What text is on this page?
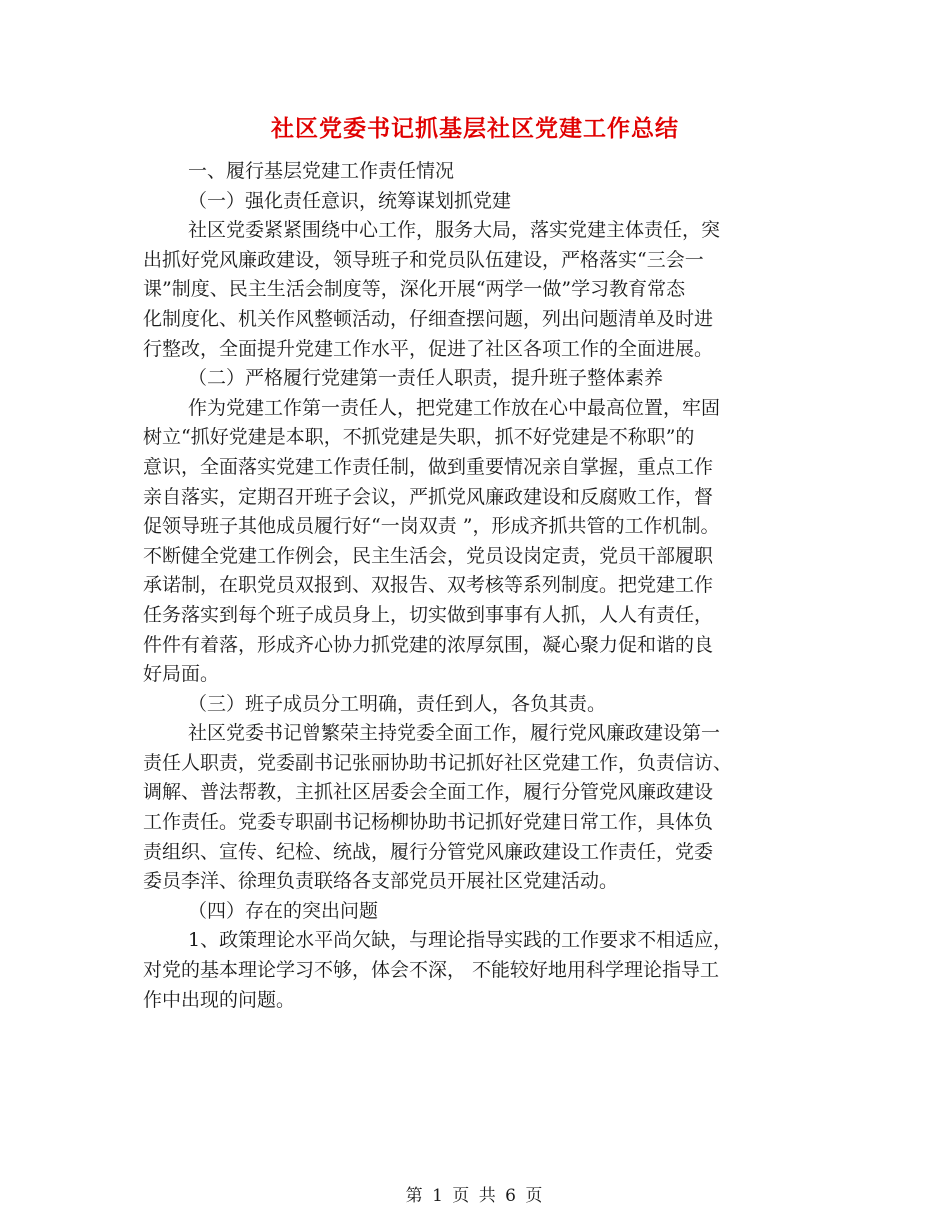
社区党委书记抓基层社区党建工作总结
一、履行基层党建工作责任情况
（一）强化责任意识，统筹谋划抓党建
社区党委紧紧围绕中心工作，服务大局，落实党建主体责任，突
出抓好党风廉政建设，领导班子和党员队伍建设，严格落实“三会一
课”制度、民主生活会制度等，深化开展“两学一做”学习教育常态
化制度化、机关作风整顿活动，仔细查摆问题，列出问题清单及时进
行整改，全面提升党建工作水平，促进了社区各项工作的全面进展。
（二）严格履行党建第一责任人职责，提升班子整体素养
作为党建工作第一责任人，把党建工作放在心中最高位置，牢固
树立“抓好党建是本职，不抓党建是失职，抓不好党建是不称职”的
意识，全面落实党建工作责任制，做到重要情况亲自掌握，重点工作
亲自落实，定期召开班子会议，严抓党风廉政建设和反腐败工作，督
促领导班子其他成员履行好“一岗双责 ”，形成齐抓共管的工作机制。
不断健全党建工作例会，民主生活会，党员设岗定责，党员干部履职
承诺制，在职党员双报到、双报告、双考核等系列制度。把党建工作
任务落实到每个班子成员身上，切实做到事事有人抓，人人有责任，
件件有着落，形成齐心协力抓党建的浓厚氛围，凝心聚力促和谐的良
好局面。
（三）班子成员分工明确，责任到人，各负其责。
社区党委书记曾繁荣主持党委全面工作，履行党风廉政建设第一
责任人职责，党委副书记张丽协助书记抓好社区党建工作，负责信访、
调解、普法帮教，主抓社区居委会全面工作，履行分管党风廉政建设
工作责任。党委专职副书记杨柳协助书记抓好党建日常工作，具体负
责组织、宣传、纪检、统战，履行分管党风廉政建设工作责任，党委
委员李洋、徐理负责联络各支部党员开展社区党建活动。
（四）存在的突出问题
1、政策理论水平尚欠缺，与理论指导实践的工作要求不相适应，
对党的基本理论学习不够，体会不深， 不能较好地用科学理论指导工
作中出现的问题。
第 1 页 共 6 页
